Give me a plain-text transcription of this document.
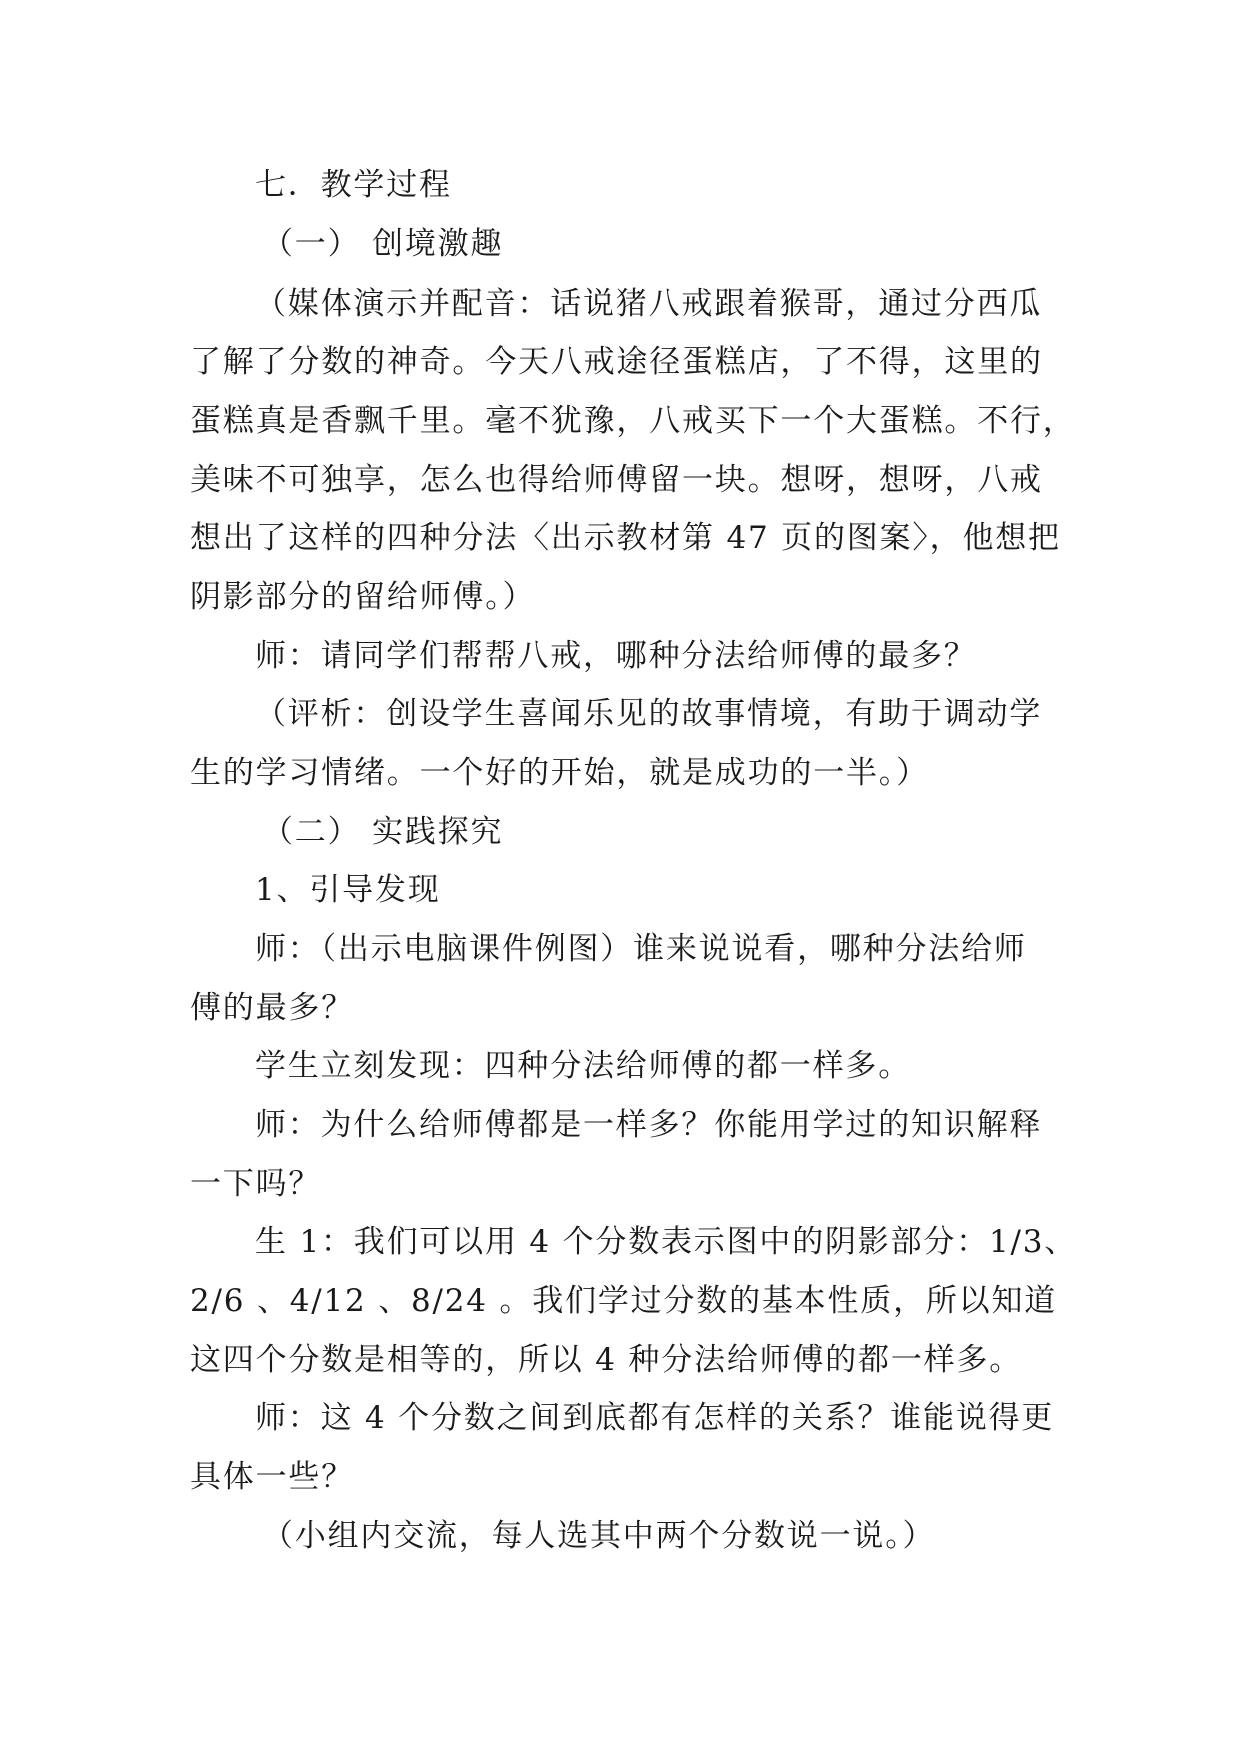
七．教学过程
（一） 创境激趣
（媒体演示并配音：话说猪八戒跟着猴哥，通过分西瓜
了解了分数的神奇。今天八戒途径蛋糕店，了不得，这里的
蛋糕真是香飘千里。毫不犹豫，八戒买下一个大蛋糕。不行，
美味不可独享，怎么也得给师傅留一块。想呀，想呀，八戒
想出了这样的四种分法〈出示教材第 47 页的图案〉，他想把
阴影部分的留给师傅。）
师：请同学们帮帮八戒，哪种分法给师傅的最多？
（评析：创设学生喜闻乐见的故事情境，有助于调动学
生的学习情绪。一个好的开始，就是成功的一半。）
（二） 实践探究
1、引导发现
师：（出示电脑课件例图）谁来说说看，哪种分法给师
傅的最多？
学生立刻发现：四种分法给师傅的都一样多。
师：为什么给师傅都是一样多？你能用学过的知识解释
一下吗？
生 1：我们可以用 4 个分数表示图中的阴影部分：1/3、
2/6 、4/12 、8/24 。我们学过分数的基本性质，所以知道
这四个分数是相等的，所以 4 种分法给师傅的都一样多。
师：这 4 个分数之间到底都有怎样的关系？谁能说得更
具体一些？
（小组内交流，每人选其中两个分数说一说。）
